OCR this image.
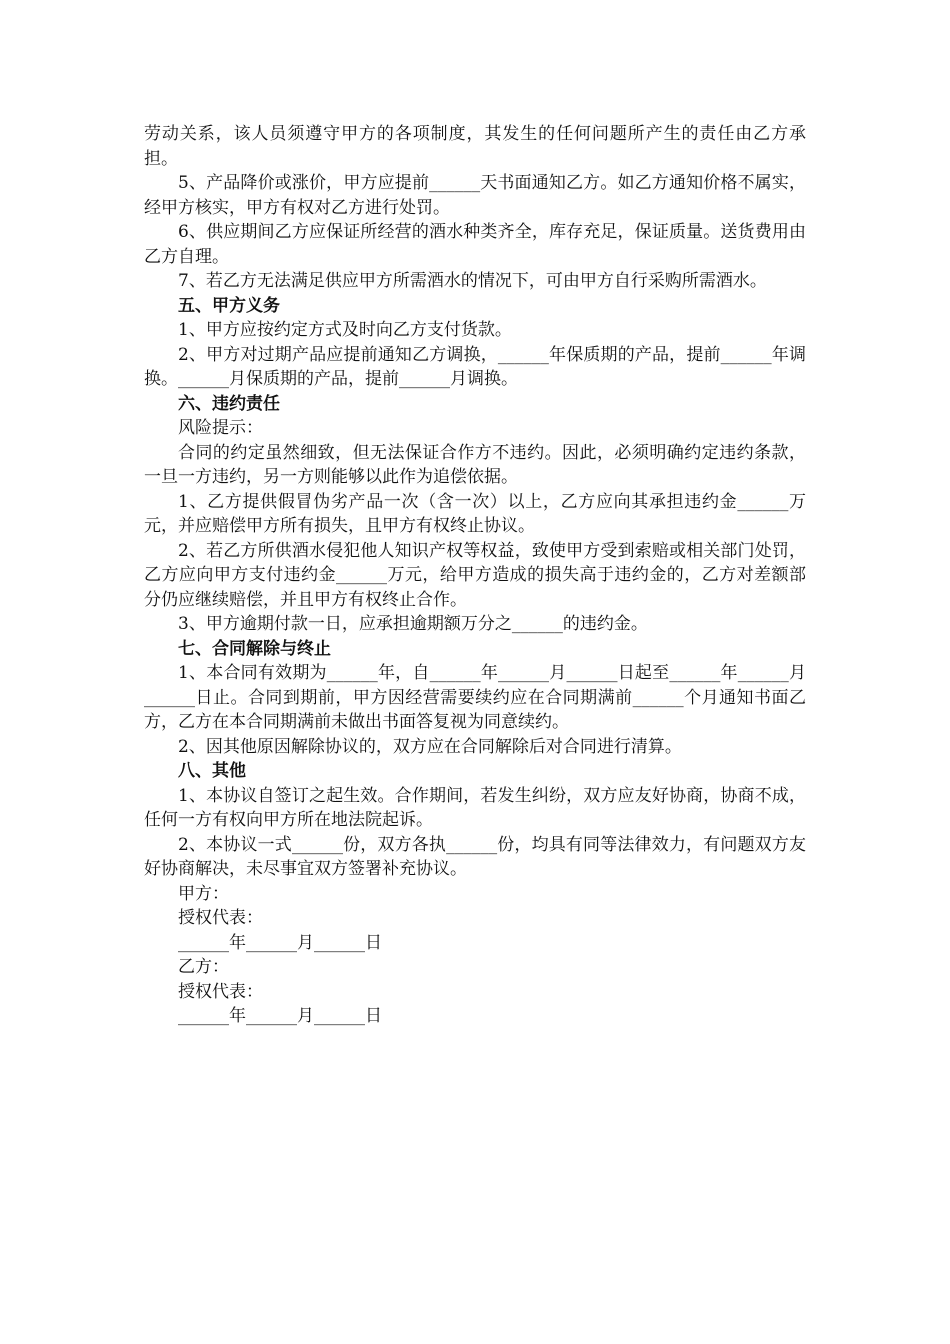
劳动关系，该人员须遵守甲方的各项制度，其发生的任何问题所产生的责任由乙方承担。

5、产品降价或涨价，甲方应提前______天书面通知乙方。如乙方通知价格不属实，经甲方核实，甲方有权对乙方进行处罚。

6、供应期间乙方应保证所经营的酒水种类齐全，库存充足，保证质量。送货费用由乙方自理。

7、若乙方无法满足供应甲方所需酒水的情况下，可由甲方自行采购所需酒水。

五、甲方义务

1、甲方应按约定方式及时向乙方支付货款。

2、甲方对过期产品应提前通知乙方调换，______年保质期的产品，提前______年调换。______月保质期的产品，提前______月调换。

六、违约责任

风险提示：

合同的约定虽然细致，但无法保证合作方不违约。因此，必须明确约定违约条款，一旦一方违约，另一方则能够以此作为追偿依据。

1、乙方提供假冒伪劣产品一次（含一次）以上，乙方应向其承担违约金______万元，并应赔偿甲方所有损失，且甲方有权终止协议。

2、若乙方所供酒水侵犯他人知识产权等权益，致使甲方受到索赔或相关部门处罚，乙方应向甲方支付违约金______万元，给甲方造成的损失高于违约金的，乙方对差额部分仍应继续赔偿，并且甲方有权终止合作。

3、甲方逾期付款一日，应承担逾期额万分之______的违约金。

七、合同解除与终止

1、本合同有效期为______年，自______年______月______日起至______年______月______日止。合同到期前，甲方因经营需要续约应在合同期满前______个月通知书面乙方，乙方在本合同期满前未做出书面答复视为同意续约。

2、因其他原因解除协议的，双方应在合同解除后对合同进行清算。

八、其他

1、本协议自签订之起生效。合作期间，若发生纠纷，双方应友好协商，协商不成，任何一方有权向甲方所在地法院起诉。

2、本协议一式______份，双方各执______份，均具有同等法律效力，有问题双方友好协商解决，未尽事宜双方签署补充协议。

甲方：

授权代表：

______年______月______日

乙方：

授权代表：

______年______月______日
